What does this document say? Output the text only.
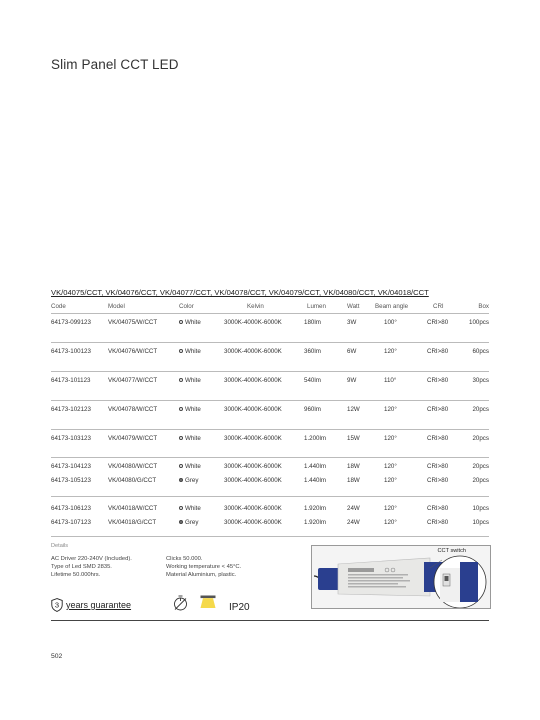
Slim Panel CCT LED
VK/04075/CCT, VK/04076/CCT, VK/04077/CCT, VK/04078/CCT, VK/04079/CCT, VK/04080/CCT, VK/04018/CCT
Code	Model	Color	Kelvin	Lumen	Watt	Beam angle	CRI	Box
64173-099123	VK/04075/W/CCT	White	3000K-4000K-6000K	180lm	3W	100°	CRI>80	100pcs
64173-100123	VK/04076/W/CCT	White	3000K-4000K-6000K	360lm	6W	120°	CRI>80	60pcs
64173-101123	VK/04077/W/CCT	White	3000K-4000K-6000K	540lm	9W	110°	CRI>80	30pcs
64173-102123	VK/04078/W/CCT	White	3000K-4000K-6000K	960lm	12W	120°	CRI>80	20pcs
64173-103123	VK/04079/W/CCT	White	3000K-4000K-6000K	1.200lm	15W	120°	CRI>80	20pcs
64173-104123	VK/04080/W/CCT	White	3000K-4000K-6000K	1.440lm	18W	120°	CRI>80	20pcs
64173-105123	VK/04080/G/CCT	Grey	3000K-4000K-6000K	1.440lm	18W	120°	CRI>80	20pcs
64173-106123	VK/04018/W/CCT	White	3000K-4000K-6000K	1.920lm	24W	120°	CRI>80	10pcs
64173-107123	VK/04018/G/CCT	Grey	3000K-4000K-6000K	1.920lm	24W	120°	CRI>80	10pcs
Details
AC Driver 220-240V (Included).
Type of Led SMD 2835.
Lifetime 50.000hrs.
Clicks 50.000.
Working temperature < 45°C.
Material Aluminium, plastic.
3 years guarantee	IP20
CCT switch
502
